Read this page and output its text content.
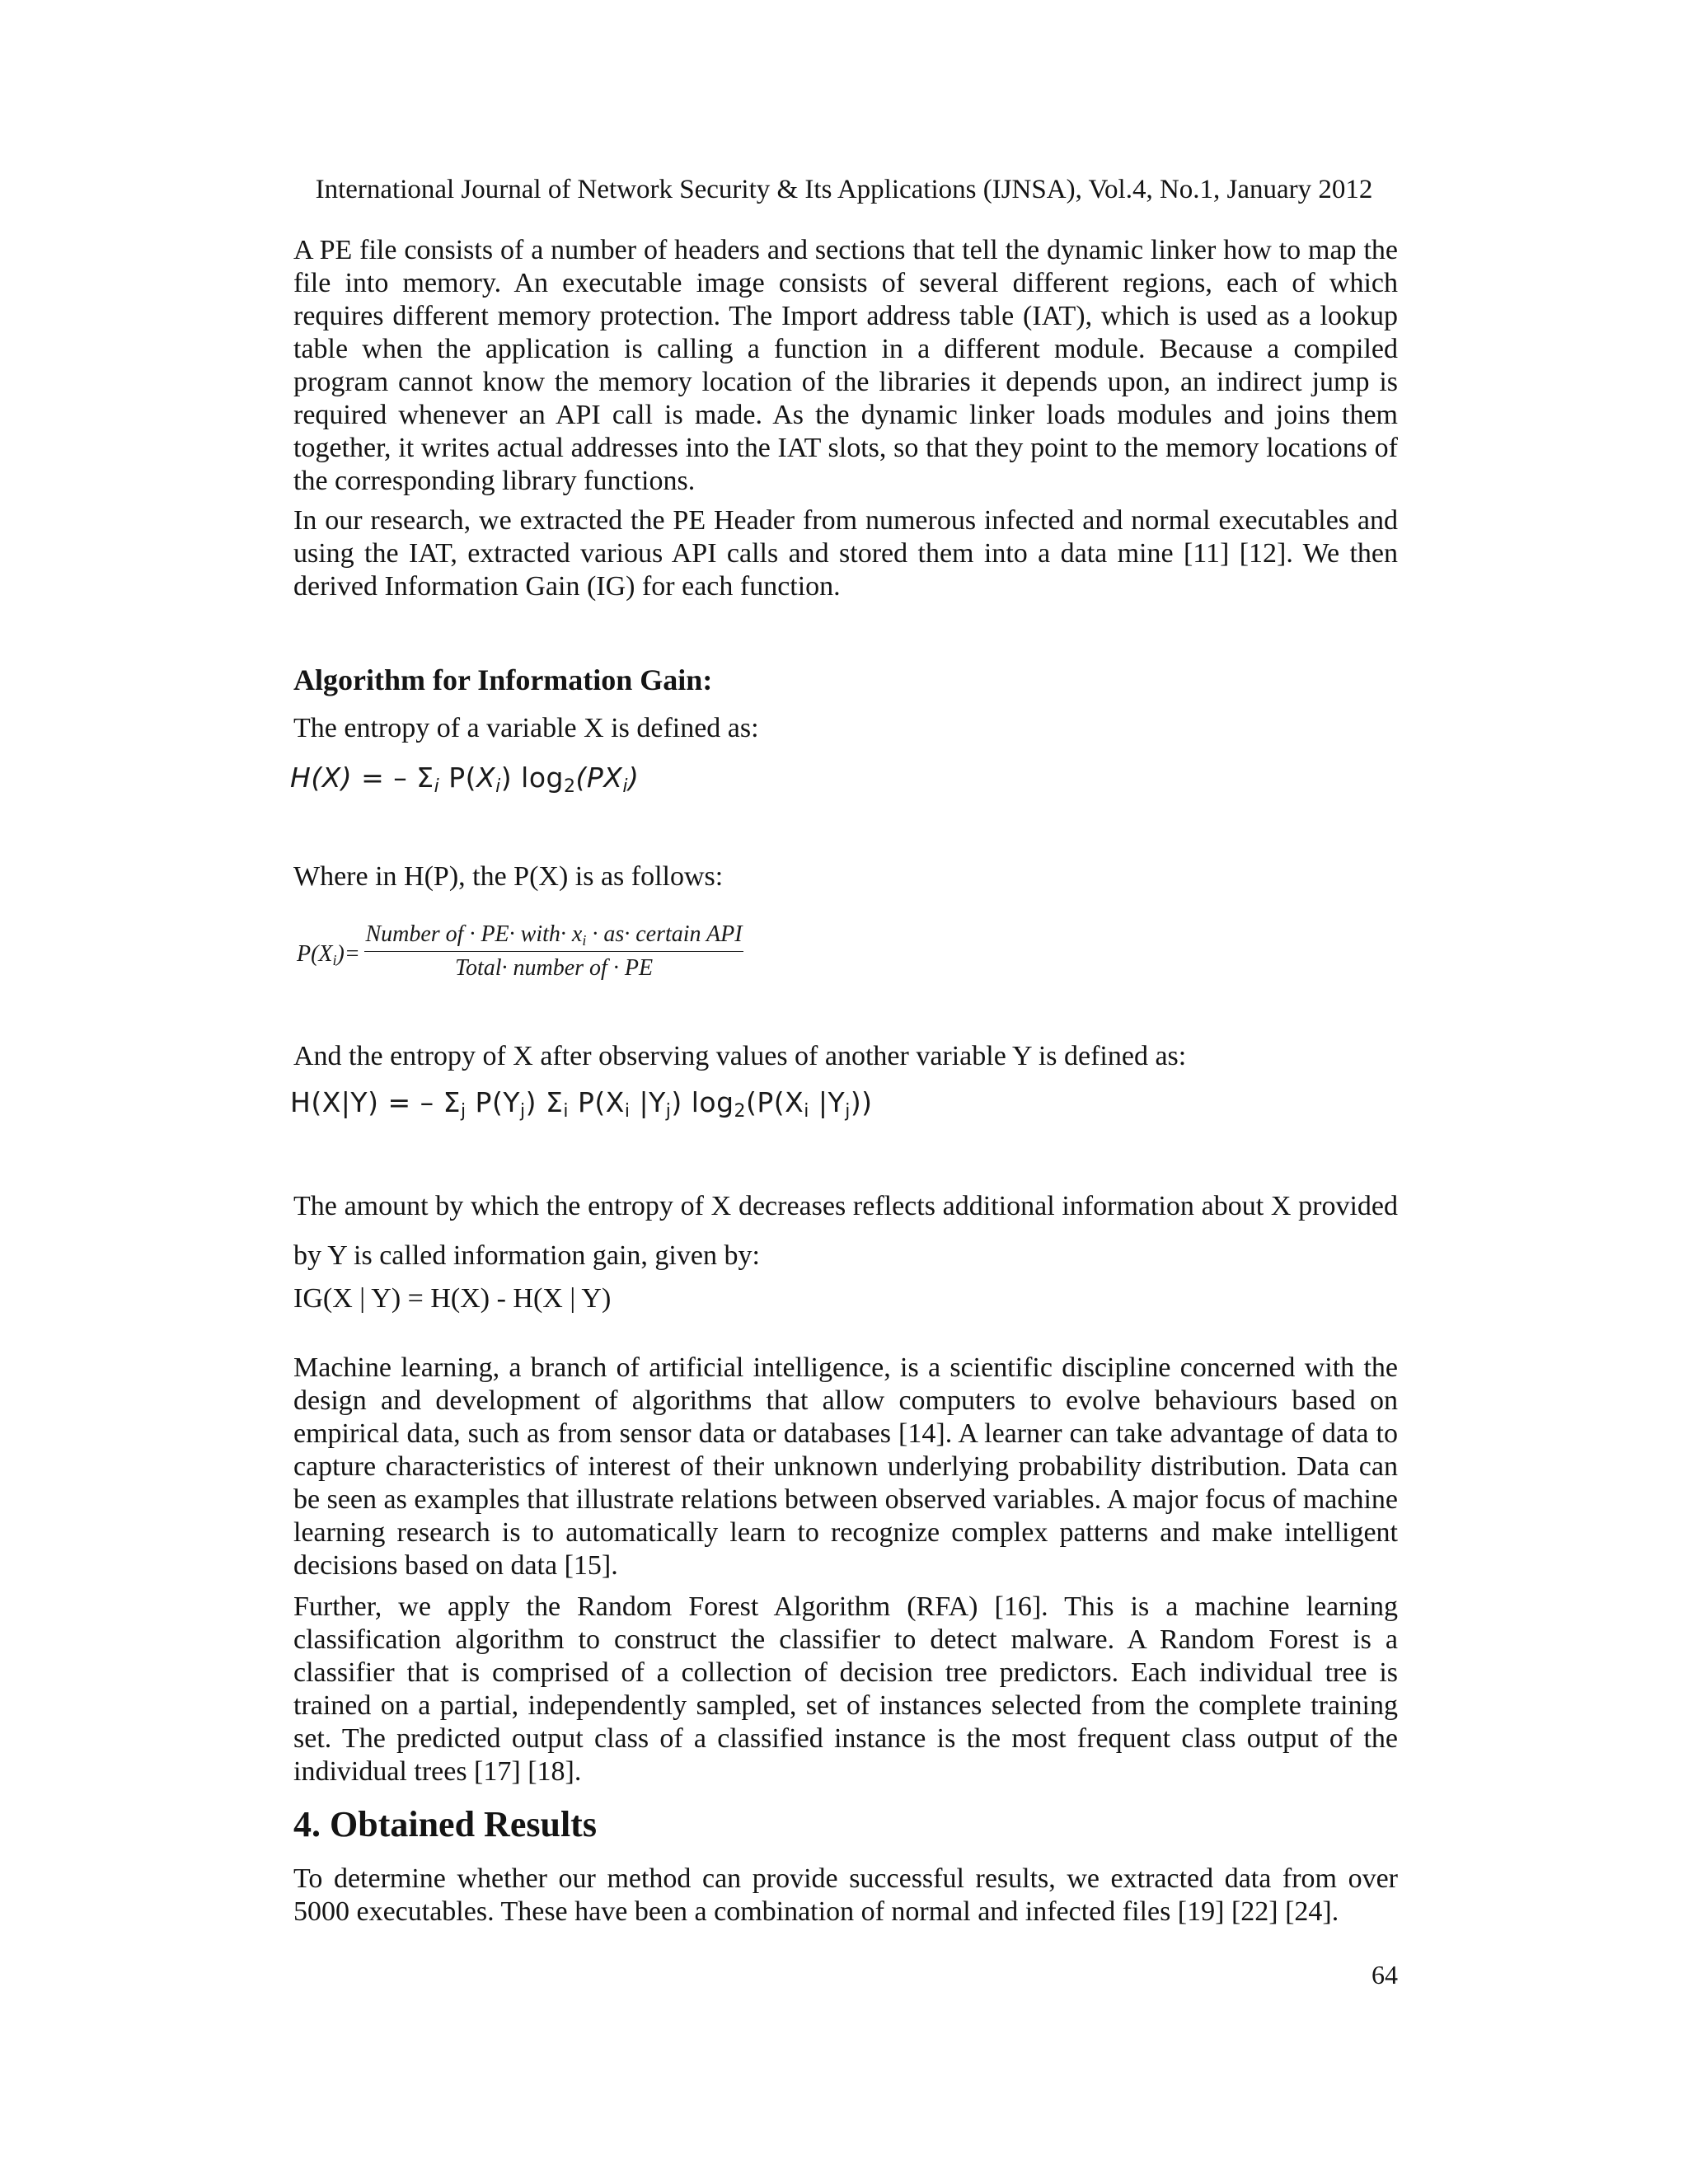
International Journal of Network Security & Its Applications (IJNSA), Vol.4, No.1, January 2012

A PE file consists of a number of headers and sections that tell the dynamic linker how to map the file into memory. An executable image consists of several different regions, each of which requires different memory protection. The Import address table (IAT), which is used as a lookup table when the application is calling a function in a different module. Because a compiled program cannot know the memory location of the libraries it depends upon, an indirect jump is required whenever an API call is made. As the dynamic linker loads modules and joins them together, it writes actual addresses into the IAT slots, so that they point to the memory locations of the corresponding library functions.

In our research, we extracted the PE Header from numerous infected and normal executables and using the IAT, extracted various API calls and stored them into a data mine [11] [12]. We then derived Information Gain (IG) for each function.

Algorithm for Information Gain:

The entropy of a variable X is defined as:

H(X) = – $\Sigma_i$ $P(X_i)$ $\log_2(PX_i)$

Where in H(P), the P(X) is as follows:

$P(X_i)=$
Number of · PE· with· $x_i \cdot as\cdot$ certain API
Total· number of · PE

And the entropy of X after observing values of another variable Y is defined as:

H(X|Y) = – $\Sigma_j$ $P(Y_j)$ $\Sigma_i$ $P(X_i$ $|Y_j$) $\log_2(P(X_i$ $|Y_j$))

The amount by which the entropy of X decreases reflects additional information about X provided by Y is called information gain, given by:

IG(X | Y) = H(X) - H(X | Y)

Machine learning, a branch of artificial intelligence, is a scientific discipline concerned with the design and development of algorithms that allow computers to evolve behaviours based on empirical data, such as from sensor data or databases [14]. A learner can take advantage of data to capture characteristics of interest of their unknown underlying probability distribution. Data can be seen as examples that illustrate relations between observed variables. A major focus of machine learning research is to automatically learn to recognize complex patterns and make intelligent decisions based on data [15].

Further, we apply the Random Forest Algorithm (RFA) [16]. This is a machine learning classification algorithm to construct the classifier to detect malware. A Random Forest is a classifier that is comprised of a collection of decision tree predictors. Each individual tree is trained on a partial, independently sampled, set of instances selected from the complete training set. The predicted output class of a classified instance is the most frequent class output of the individual trees [17] [18].

4. Obtained Results

To determine whether our method can provide successful results, we extracted data from over 5000 executables. These have been a combination of normal and infected files [19] [22] [24].

64
